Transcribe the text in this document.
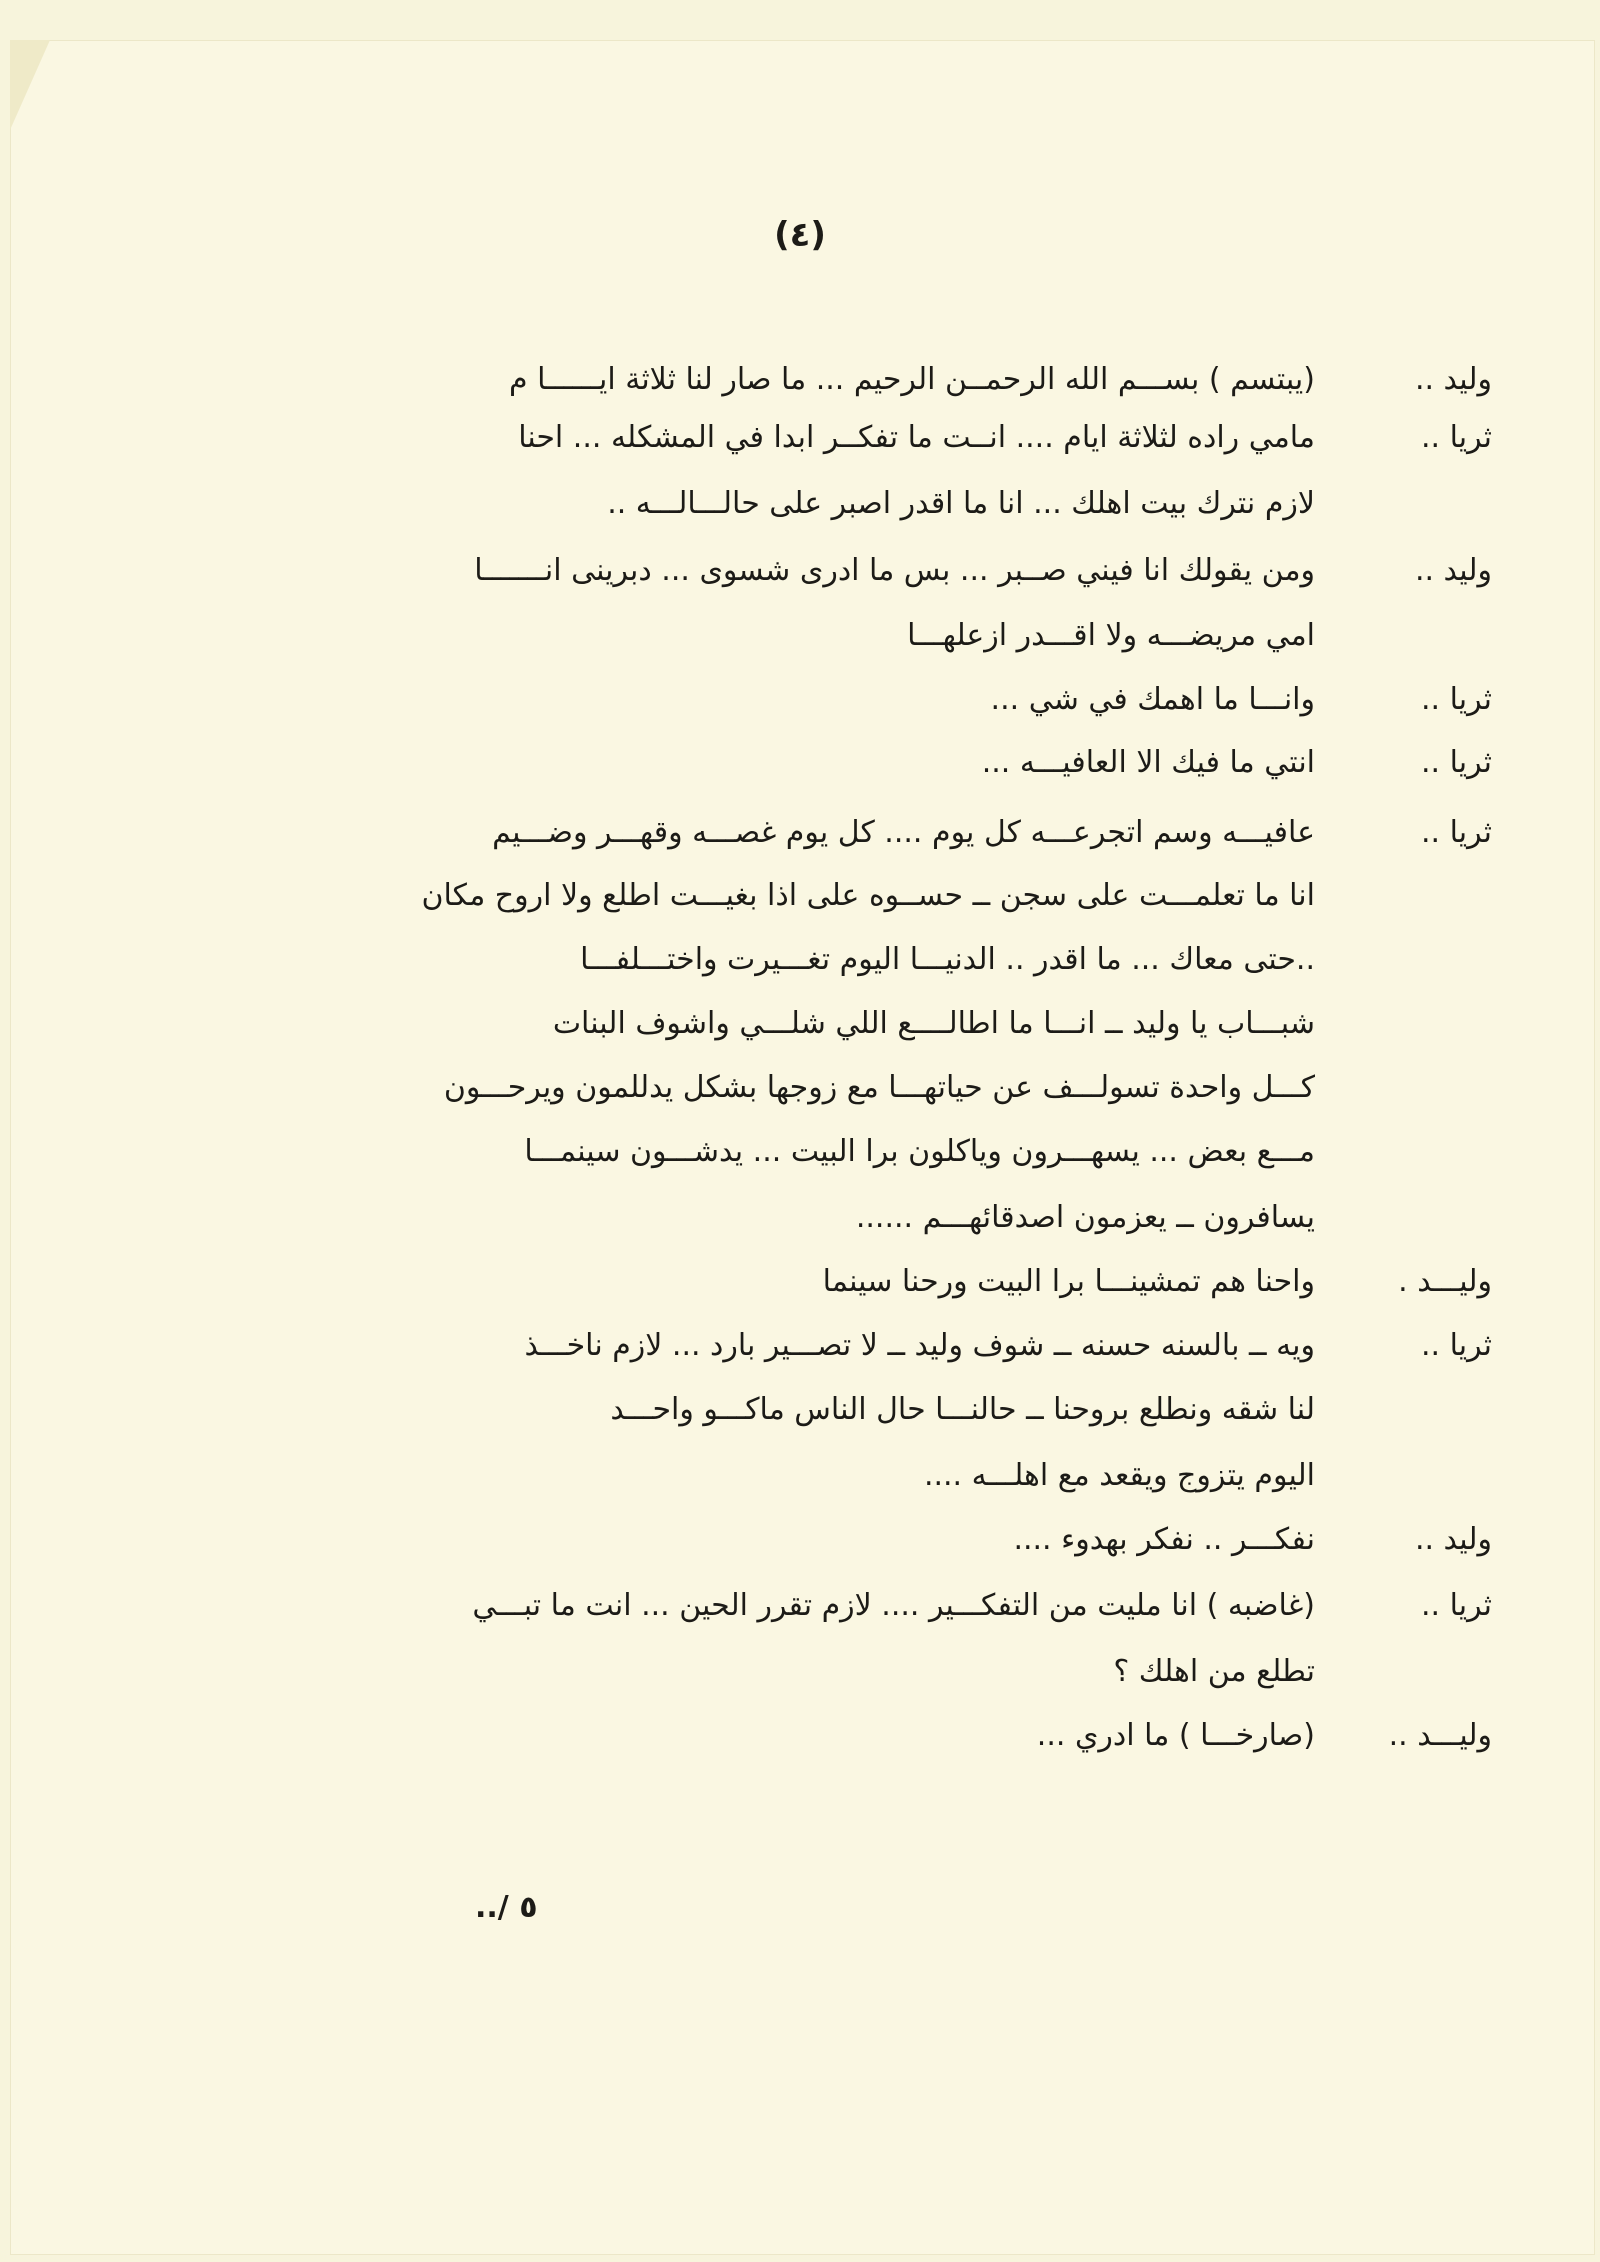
(٤)
وليد ..
(يبتسم ) بســـم الله الرحمــن الرحيم ... ما صار لنا ثلاثة ايــــــا م
ثريا ..
مامي راده لثلاثة ايام .... انــت ما تفكــر ابدا في المشكله ... احنا
لازم نترك بيت اهلك ... انا ما اقدر اصبر على حالـــالـــه ..
وليد ..
ومن يقولك انا فيني صــبر ... بس ما ادرى شسوى ... دبرينى انـــــــا
امي مريضـــه ولا اقـــدر ازعلهـــا
ثريا ..
وانـــا ما اهمك في شي ...
ثريا ..
انتي ما فيك الا العافيـــه ...
ثريا ..
عافيـــه وسم اتجرعـــه كل يوم .... كل يوم غصـــه وقهـــر وضـــيم
انا ما تعلمـــت على سجن ــ حســوه على اذا بغيـــت اطلع ولا اروح مكان
..حتى معاك ... ما اقدر .. الدنيـــا اليوم تغـــيرت واختـــلفـــا
شبـــاب يا وليد ــ انـــا ما اطالــــع اللي شلـــي واشوف البنات
كـــل واحدة تسولـــف عن حياتهـــا مع زوجها بشكل يدللمون ويرحـــون
مـــع بعض ... يسهـــرون وياكلون برا البيت ... يدشـــون سينمـــا
يسافرون ــ يعزمون اصدقائهـــم ......
وليـــد .
واحنا هم تمشينـــا برا البيت ورحنا سينما
ثريا ..
ويه ــ بالسنه حسنه ــ شوف وليد ــ لا تصـــير بارد ... لازم ناخـــذ
لنا شقه ونطلع بروحنا ــ حالنـــا حال الناس ماكـــو واحـــد
اليوم يتزوج ويقعد مع اهلـــه ....
وليد ..
نفكـــر .. نفكر بهدوء ....
ثريا ..
(غاضبه ) انا مليت من التفكـــير .... لازم تقرر الحين ... انت ما تبـــي
تطلع من اهلك ؟
وليـــد ..
(صارخـــا ) ما ادري ...
../ ٥
